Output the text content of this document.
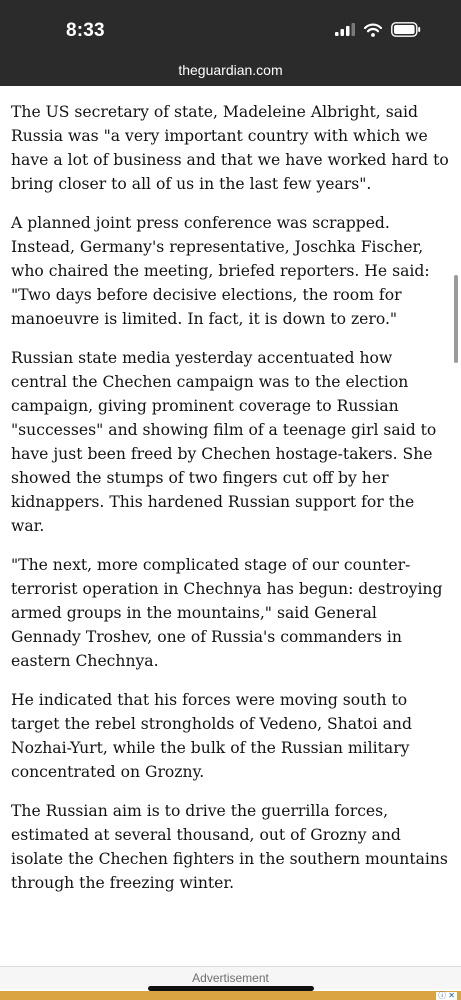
8:33
theguardian.com

The US secretary of state, Madeleine Albright, said Russia was "a very important country with which we have a lot of business and that we have worked hard to bring closer to all of us in the last few years".

A planned joint press conference was scrapped. Instead, Germany's representative, Joschka Fischer, who chaired the meeting, briefed reporters. He said: "Two days before decisive elections, the room for manoeuvre is limited. In fact, it is down to zero."

Russian state media yesterday accentuated how central the Chechen campaign was to the election campaign, giving prominent coverage to Russian "successes" and showing film of a teenage girl said to have just been freed by Chechen hostage-takers. She showed the stumps of two fingers cut off by her kidnappers. This hardened Russian support for the war.

"The next, more complicated stage of our counter-terrorist operation in Chechnya has begun: destroying armed groups in the mountains," said General Gennady Troshev, one of Russia's commanders in eastern Chechnya.

He indicated that his forces were moving south to target the rebel strongholds of Vedeno, Shatoi and Nozhai-Yurt, while the bulk of the Russian military concentrated on Grozny.

The Russian aim is to drive the guerrilla forces, estimated at several thousand, out of Grozny and isolate the Chechen fighters in the southern mountains through the freezing winter.

Advertisement
ⓘ ✕
